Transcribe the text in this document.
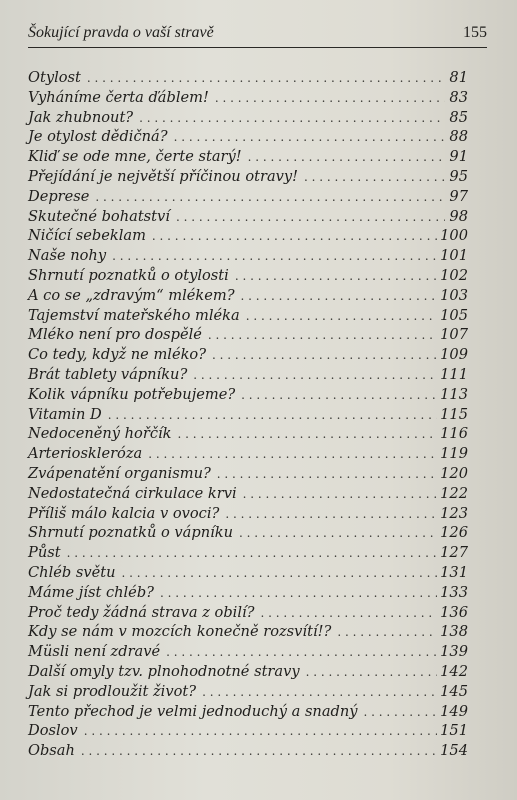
Šokující pravda o vaší stravě	155
Otylost . . .	81
Vyháníme čerta ďáblem! . . .	83
Jak zhubnout? . . .	85
Je otylost dědičná? . . .	88
Kliď se ode mne, čerte starý! . . .	91
Přejídání je největší příčinou otravy! . . .	95
Deprese . . .	97
Skutečné bohatství . . .	98
Ničící sebeklam . . .	100
Naše nohy . . .	101
Shrnutí poznatků o otylosti . . .	102
A co se „zdravým“ mlékem? . . .	103
Tajemství mateřského mléka . . .	105
Mléko není pro dospělé . . .	107
Co tedy, když ne mléko? . . .	109
Brát tablety vápníku? . . .	111
Kolik vápníku potřebujeme? . . .	113
Vitamin D . . .	115
Nedoceněný hořčík . . .	116
Arterioskleróza . . .	119
Zvápenatění organismu? . . .	120
Nedostatečná cirkulace krvi . . .	122
Příliš málo kalcia v ovoci? . . .	123
Shrnutí poznatků o vápníku . . .	126
Půst . . .	127
Chléb světu . . .	131
Máme jíst chléb? . . .	133
Proč tedy žádná strava z obilí? . . .	136
Kdy se nám v mozcích konečně rozsvítí!? . . .	138
Müsli není zdravé . . .	139
Další omyly tzv. plnohodnotné stravy . . .	142
Jak si prodloužit život? . . .	145
Tento přechod je velmi jednoduchý a snadný . . .	149
Doslov . . .	151
Obsah . . .	154
